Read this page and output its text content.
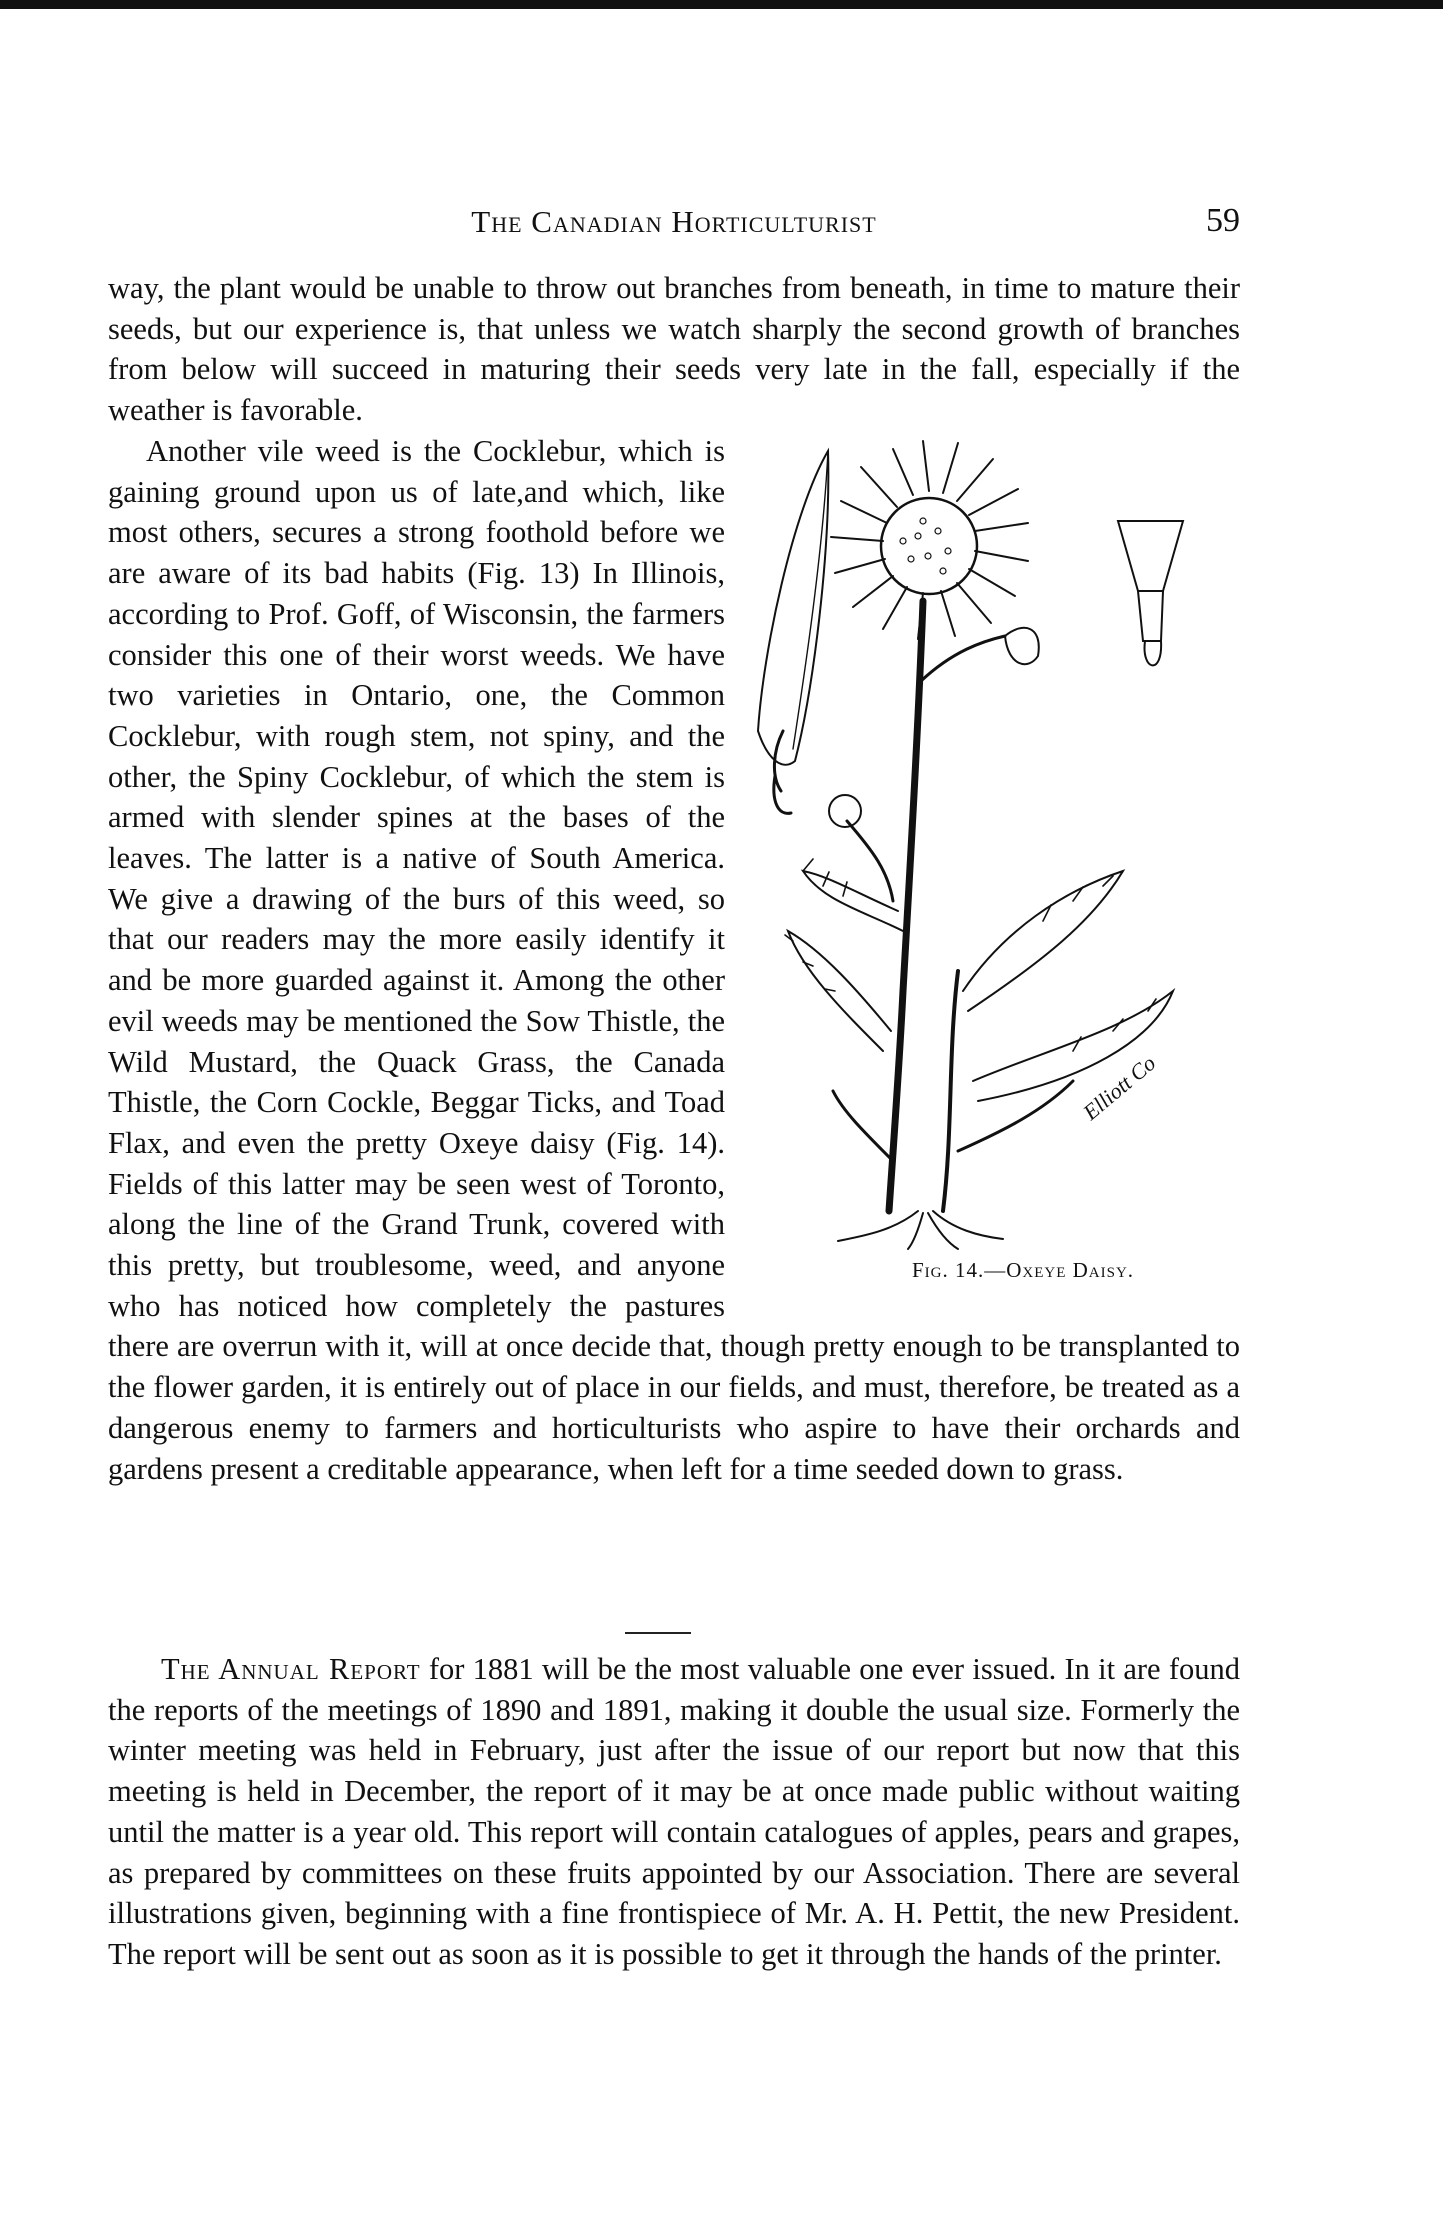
The Canadian Horticulturist	59

way, the plant would be unable to throw out branches from beneath, in time to mature their seeds, but our experience is, that unless we watch sharply the second growth of branches from below will succeed in maturing their seeds very late in the fall, especially if the weather is favorable.

Elliott Co
Fig. 14.—Oxeye Daisy.

Another vile weed is the Cocklebur, which is gaining ground upon us of late,and which, like most others, secures a strong foothold before we are aware of its bad habits (Fig. 13) In Illinois, according to Prof. Goff, of Wisconsin, the farmers consider this one of their worst weeds. We have two varieties in Ontario, one, the Common Cocklebur, with rough stem, not spiny, and the other, the Spiny Cocklebur, of which the stem is armed with slender spines at the bases of the leaves. The latter is a native of South America. We give a drawing of the burs of this weed, so that our readers may the more easily identify it and be more guarded against it. Among the other evil weeds may be mentioned the Sow Thistle, the Wild Mustard, the Quack Grass, the Canada Thistle, the Corn Cockle, Beggar Ticks, and Toad Flax, and even the pretty Oxeye daisy (Fig. 14). Fields of this latter may be seen west of Toronto, along the line of the Grand Trunk, covered with this pretty, but troublesome, weed, and anyone who has noticed how completely the pastures there are overrun with it, will at once decide that, though pretty enough to be transplanted to the flower garden, it is entirely out of place in our fields, and must, therefore, be treated as a dangerous enemy to farmers and horticulturists who aspire to have their orchards and gardens present a creditable appearance, when left for a time seeded down to grass.

The Annual Report for 1881 will be the most valuable one ever issued. In it are found the reports of the meetings of 1890 and 1891, making it double the usual size. Formerly the winter meeting was held in February, just after the issue of our report but now that this meeting is held in December, the report of it may be at once made public without waiting until the matter is a year old. This report will contain catalogues of apples, pears and grapes, as prepared by committees on these fruits appointed by our Association. There are several illustrations given, beginning with a fine frontispiece of Mr. A. H. Pettit, the new President. The report will be sent out as soon as it is possible to get it through the hands of the printer.
